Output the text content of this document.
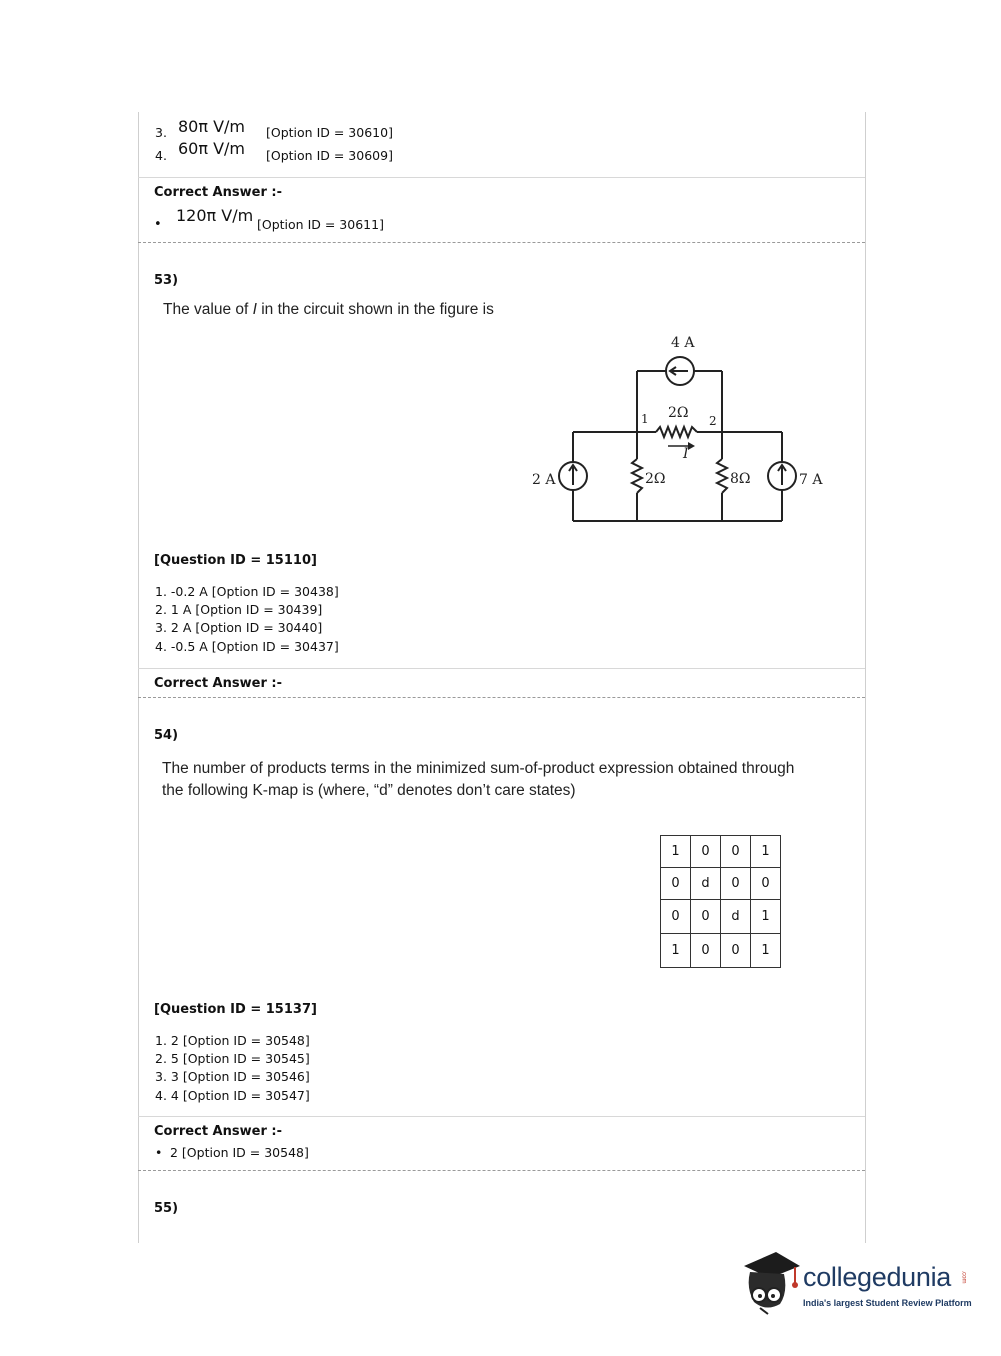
3. 80π V/m [Option ID = 30610]
4. 60π V/m [Option ID = 30609]
Correct Answer :-
• 120π V/m [Option ID = 30611]
53)
The value of I in the circuit shown in the figure is
4 A
2Ω
1	2
I
2 A	2Ω	8Ω	7 A
[Question ID = 15110]
1. -0.2 A [Option ID = 30438]
2. 1 A [Option ID = 30439]
3. 2 A [Option ID = 30440]
4. -0.5 A [Option ID = 30437]
Correct Answer :-
54)
The number of products terms in the minimized sum-of-product expression obtained through
the following K-map is (where, “d” denotes don’t care states)
1	0	0	1
0	d	0	0
0	0	d	1
1	0	0	1
[Question ID = 15137]
1. 2 [Option ID = 30548]
2. 5 [Option ID = 30545]
3. 3 [Option ID = 30546]
4. 4 [Option ID = 30547]
Correct Answer :-
• 2 [Option ID = 30548]
55)
collegedunia .com
India's largest Student Review Platform
